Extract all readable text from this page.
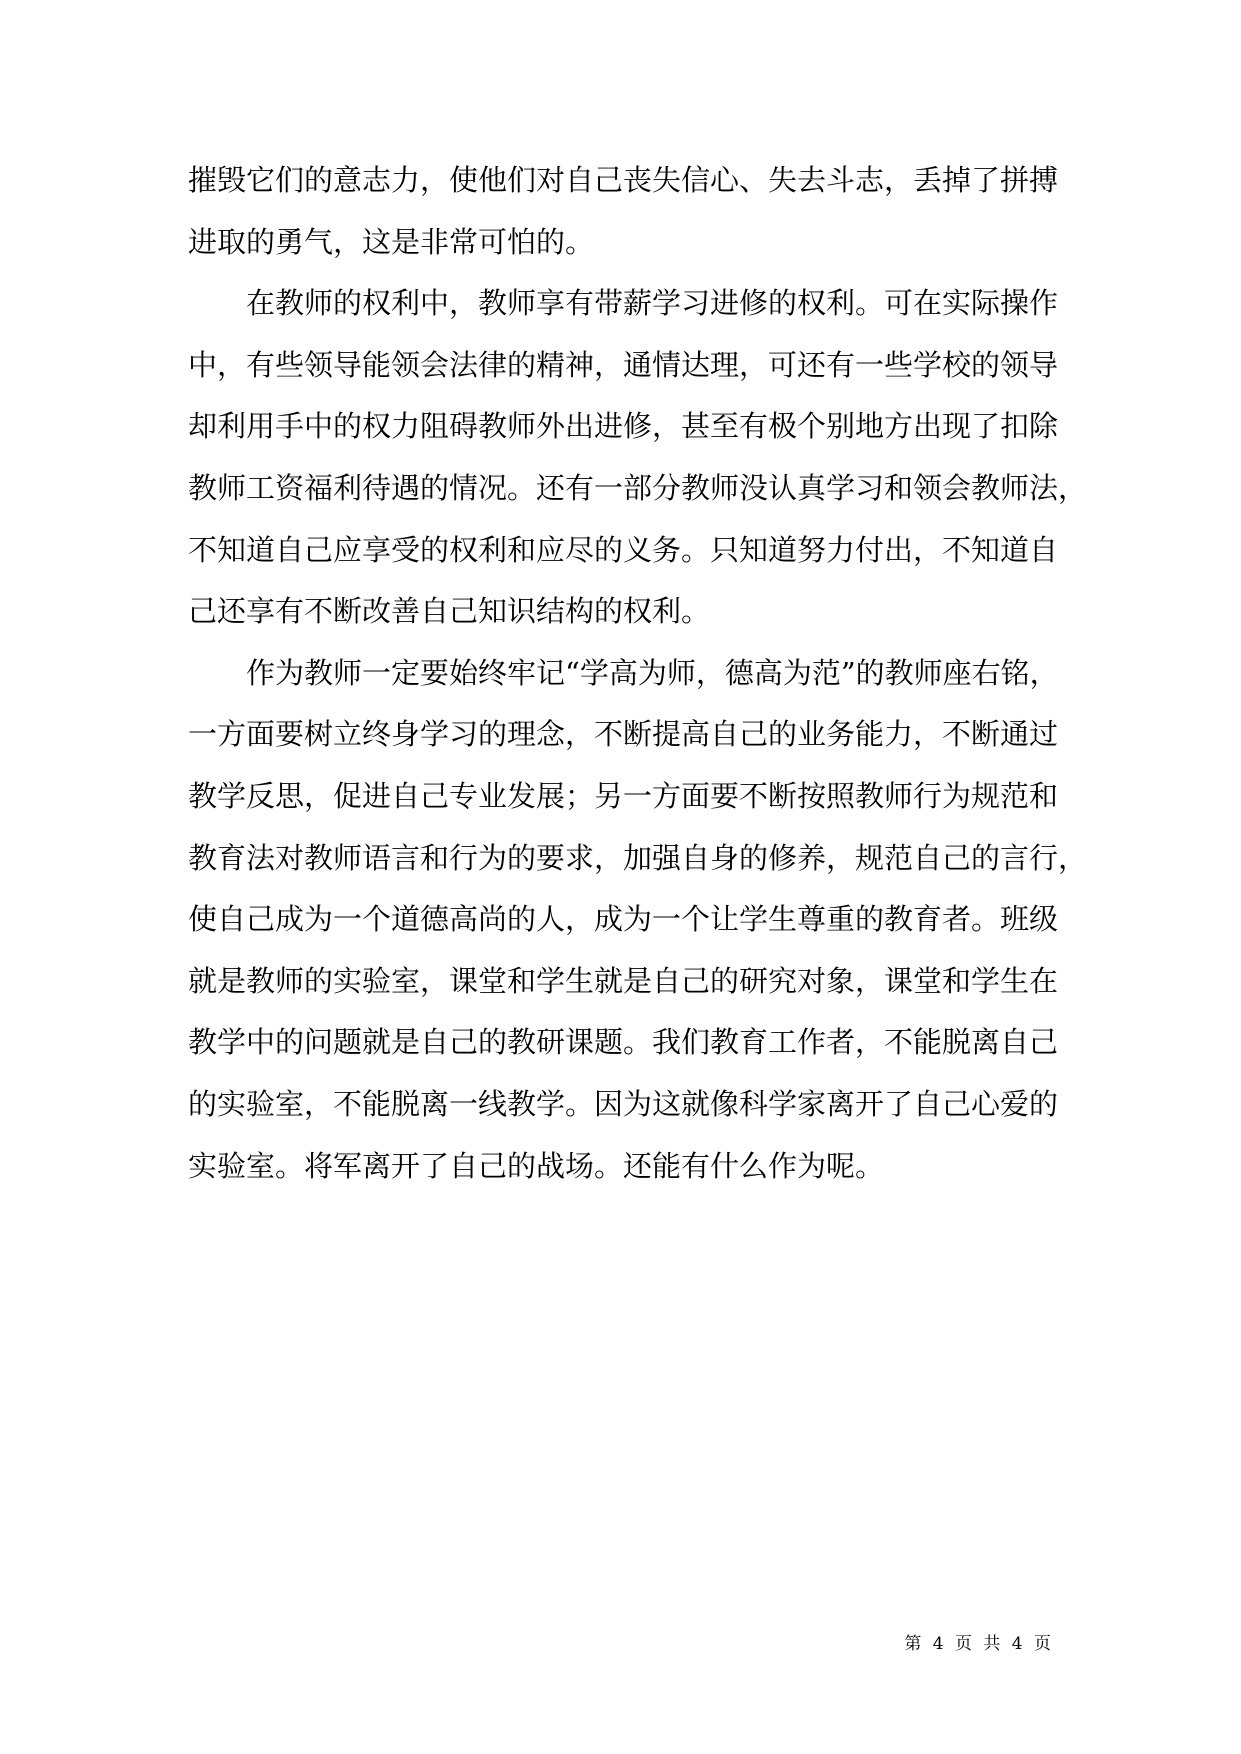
摧毁它们的意志力，使他们对自己丧失信心、失去斗志，丢掉了拼搏
进取的勇气，这是非常可怕的。
在教师的权利中，教师享有带薪学习进修的权利。可在实际操作
中，有些领导能领会法律的精神，通情达理，可还有一些学校的领导
却利用手中的权力阻碍教师外出进修，甚至有极个别地方出现了扣除
教师工资福利待遇的情况。还有一部分教师没认真学习和领会教师法，
不知道自己应享受的权利和应尽的义务。只知道努力付出，不知道自
己还享有不断改善自己知识结构的权利。
作为教师一定要始终牢记“学高为师，德高为范”的教师座右铭，
一方面要树立终身学习的理念，不断提高自己的业务能力，不断通过
教学反思，促进自己专业发展；另一方面要不断按照教师行为规范和
教育法对教师语言和行为的要求，加强自身的修养，规范自己的言行，
使自己成为一个道德高尚的人，成为一个让学生尊重的教育者。班级
就是教师的实验室，课堂和学生就是自己的研究对象，课堂和学生在
教学中的问题就是自己的教研课题。我们教育工作者，不能脱离自己
的实验室，不能脱离一线教学。因为这就像科学家离开了自己心爱的
实验室。将军离开了自己的战场。还能有什么作为呢。
第 4 页 共 4 页
